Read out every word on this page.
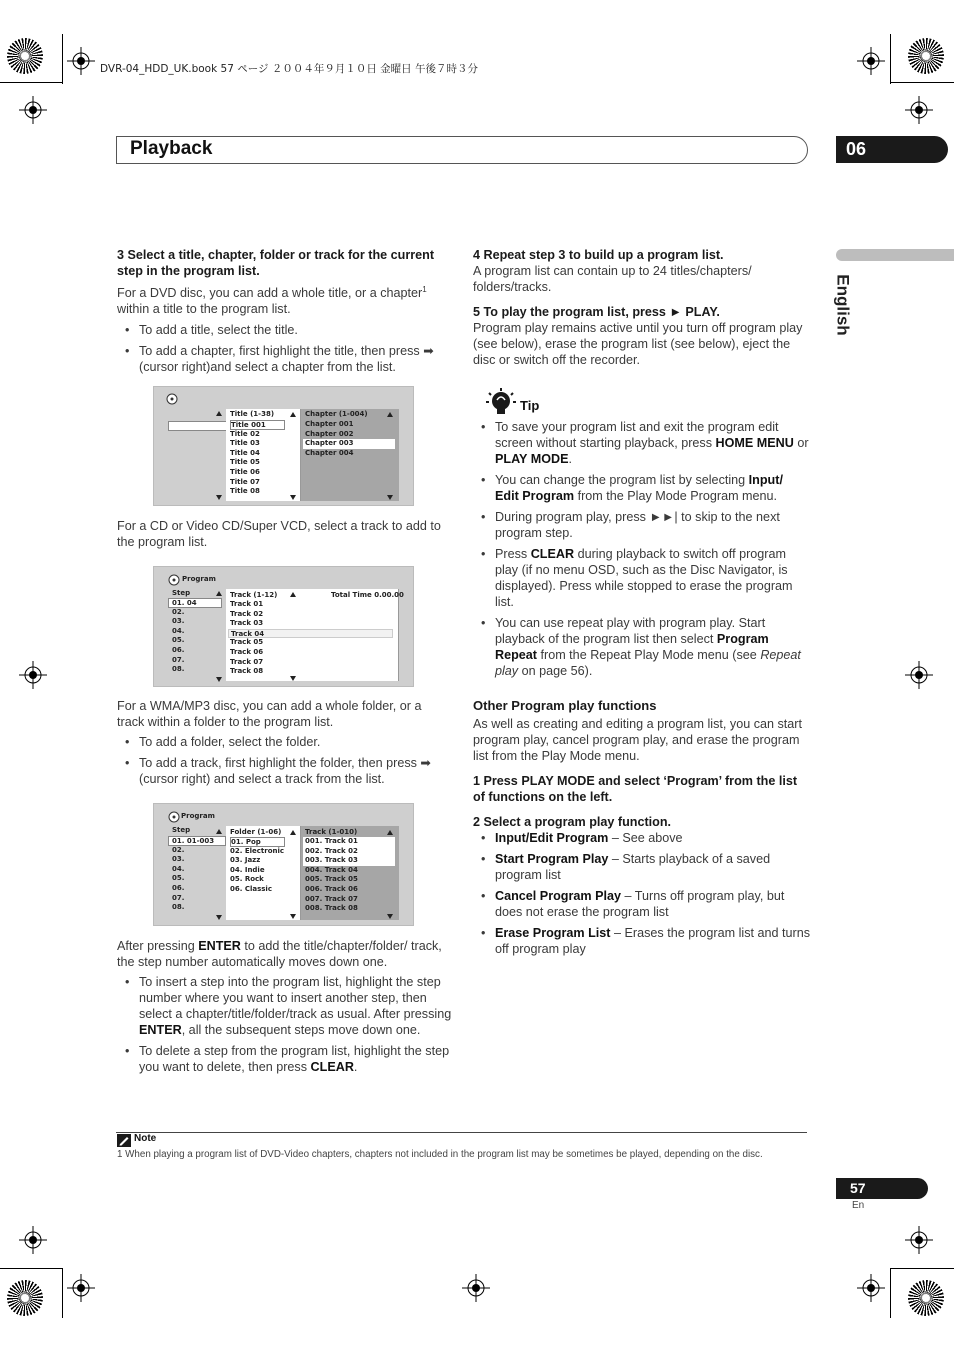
DVR-04_HDD_UK.book 57 ページ ２００４年９月１０日 金曜日 午後７時３分
Playback	06
English

3 Select a title, chapter, folder or track for the current step in the program list.

For a DVD disc, you can add a whole title, or a chapter$^1$ within a title to the program list.

• To add a title, select the title.

• To add a chapter, first highlight the title, then press ➡ (cursor right)and select a chapter from the list.

Title (1-38)
Title 001
Title 02
Title 03
Title 04
Title 05
Title 06
Title 07
Title 08
Chapter (1-004)
Chapter 001
Chapter 002
Chapter 003
Chapter 004

For a CD or Video CD/Super VCD, select a track to add to the program list.

Program
Step
01. 04
02.
03.
04.
05.
06.
07.
08.
Track (1-12)	Total Time 0.00.00
Track 01
Track 02
Track 03
Track 04
Track 05
Track 06
Track 07
Track 08

For a WMA/MP3 disc, you can add a whole folder, or a track within a folder to the program list.

• To add a folder, select the folder.

• To add a track, first highlight the folder, then press ➡ (cursor right) and select a track from the list.

Program
Step
01. 01-003
02.
03.
04.
05.
06.
07.
08.
Folder (1-06)
01. Pop
02. Electronic
03. Jazz
04. Indie
05. Rock
06. Classic
Track (1-010)
001. Track 01
002. Track 02
003. Track 03
004. Track 04
005. Track 05
006. Track 06
007. Track 07
008. Track 08

After pressing ENTER to add the title/chapter/folder/ track, the step number automatically moves down one.

• To insert a step into the program list, highlight the step number where you want to insert another step, then select a chapter/title/folder/track as usual. After pressing ENTER, all the subsequent steps move down one.

• To delete a step from the program list, highlight the step you want to delete, then press CLEAR.

4 Repeat step 3 to build up a program list.

A program list can contain up to 24 titles/chapters/ folders/tracks.

5 To play the program list, press ► PLAY.

Program play remains active until you turn off program play (see below), erase the program list (see below), eject the disc or switch off the recorder.

Tip

• To save your program list and exit the program edit screen without starting playback, press HOME MENU or PLAY MODE.

• You can change the program list by selecting Input/ Edit Program from the Play Mode Program menu.

• During program play, press ►►| to skip to the next program step.

• Press CLEAR during playback to switch off program play (if no menu OSD, such as the Disc Navigator, is displayed). Press while stopped to erase the program list.

• You can use repeat play with program play. Start playback of the program list then select Program Repeat from the Repeat Play Mode menu (see Repeat play on page 56).

Other Program play functions

As well as creating and editing a program list, you can start program play, cancel program play, and erase the program list from the Play Mode menu.

1 Press PLAY MODE and select ‘Program’ from the list of functions on the left.

2 Select a program play function.

• Input/Edit Program – See above

• Start Program Play – Starts playback of a saved program list

• Cancel Program Play – Turns off program play, but does not erase the program list

• Erase Program List – Erases the program list and turns off program play

Note

1 When playing a program list of DVD-Video chapters, chapters not included in the program list may be sometimes be played, depending on the disc.

57
En
